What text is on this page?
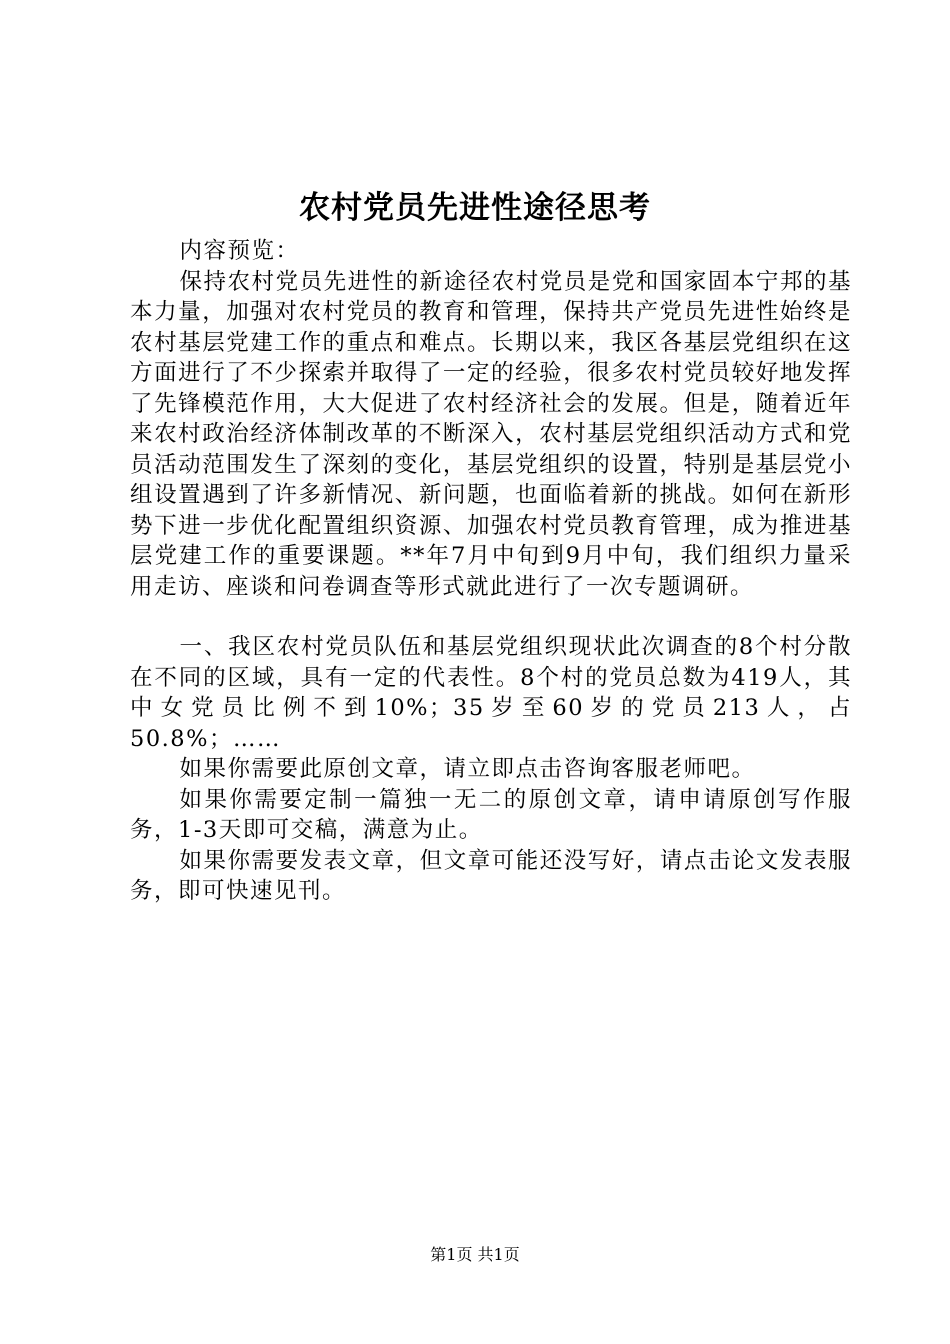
农村党员先进性途径思考

内容预览：

保持农村党员先进性的新途径农村党员是党和国家固本宁邦的基本力量，加强对农村党员的教育和管理，保持共产党员先进性始终是农村基层党建工作的重点和难点。长期以来，我区各基层党组织在这方面进行了不少探索并取得了一定的经验，很多农村党员较好地发挥了先锋模范作用，大大促进了农村经济社会的发展。但是，随着近年来农村政治经济体制改革的不断深入，农村基层党组织活动方式和党员活动范围发生了深刻的变化，基层党组织的设置，特别是基层党小组设置遇到了许多新情况、新问题，也面临着新的挑战。如何在新形势下进一步优化配置组织资源、加强农村党员教育管理，成为推进基层党建工作的重要课题。**年7月中旬到9月中旬，我们组织力量采用走访、座谈和问卷调查等形式就此进行了一次专题调研。

一、我区农村党员队伍和基层党组织现状此次调查的8个村分散在不同的区域，具有一定的代表性。8个村的党员总数为419人，其中女党员比例不到10%；35岁至60岁的党员213人，占50.8%；……

如果你需要此原创文章，请立即点击咨询客服老师吧。

如果你需要定制一篇独一无二的原创文章，请申请原创写作服务，1-3天即可交稿，满意为止。

如果你需要发表文章，但文章可能还没写好，请点击论文发表服务，即可快速见刊。

第1页 共1页
